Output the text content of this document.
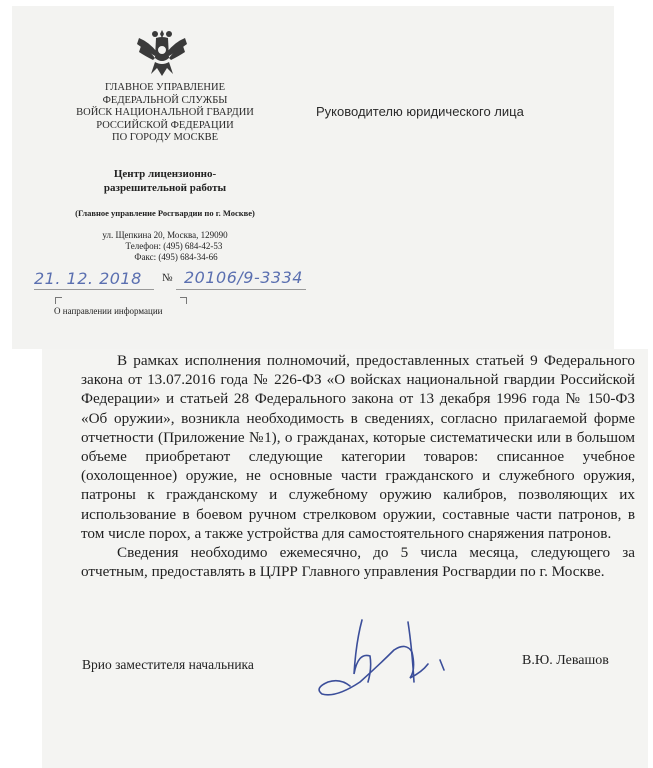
ГЛАВНОЕ УПРАВЛЕНИЕ
ФЕДЕРАЛЬНОЙ СЛУЖБЫ
ВОЙСК НАЦИОНАЛЬНОЙ ГВАРДИИ
РОССИЙСКОЙ ФЕДЕРАЦИИ
ПО ГОРОДУ МОСКВЕ
Центр лицензионно-
разрешительной работы
(Главное управление Росгвардии по г. Москве)
ул. Щепкина 20, Москва, 129090
Телефон: (495) 684-42-53
Факс: (495) 684-34-66
21. 12. 2018 № 20106/9-3334
О направлении информации
Руководителю юридического лица

В рамках исполнения полномочий, предоставленных статьей 9 Федерального закона от 13.07.2016 года № 226-ФЗ «О войсках национальной гвардии Российской Федерации» и статьей 28 Федерального закона от 13 декабря 1996 года № 150-ФЗ «Об оружии», возникла необходимость в сведениях, согласно прилагаемой форме отчетности (Приложение №1), о гражданах, которые систематически или в большом объеме приобретают следующие категории товаров: списанное учебное (охолощенное) оружие, не основные части гражданского и служебного оружия, патроны к гражданскому и служебному оружию калибров, позволяющих их использование в боевом ручном стрелковом оружии, составные части патронов, в том числе порох, а также устройства для самостоятельного снаряжения патронов.

Сведения необходимо ежемесячно, до 5 числа месяца, следующего за отчетным, предоставлять в ЦЛРР Главного управления Росгвардии по г. Москве.

Врио заместителя начальника	В.Ю. Левашов
